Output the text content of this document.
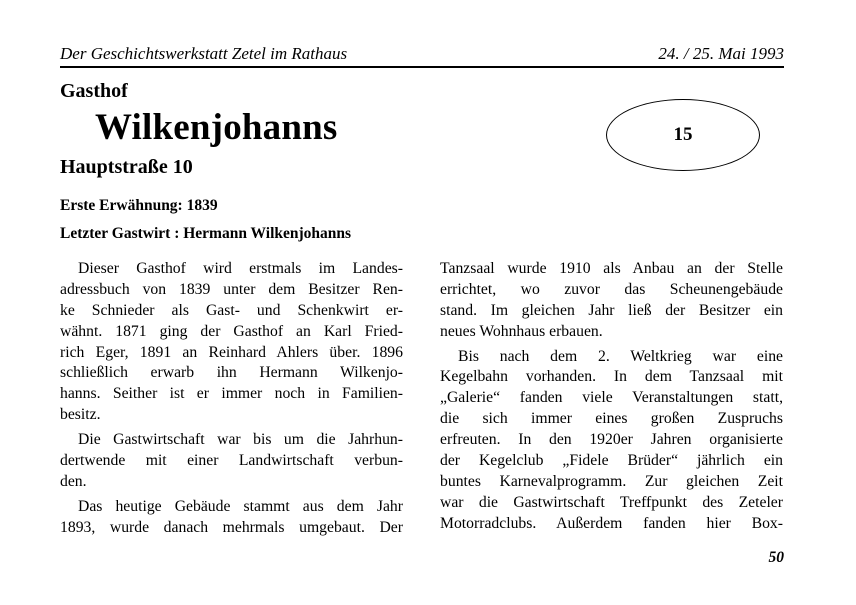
Der Geschichtswerkstatt Zetel im Rathaus	24. / 25. Mai 1993
Gasthof
Wilkenjohanns
Hauptstraße 10
Erste Erwähnung: 1839
Letzter Gastwirt : Hermann Wilkenjohanns
15
Dieser Gasthof wird erstmals im Landes-
adressbuch von 1839 unter dem Besitzer Ren-
ke Schnieder als Gast- und Schenkwirt er-
wähnt. 1871 ging der Gasthof an Karl Fried-
rich Eger, 1891 an Reinhard Ahlers über. 1896
schließlich erwarb ihn Hermann Wilkenjo-
hanns. Seither ist er immer noch in Familien-
besitz.
Die Gastwirtschaft war bis um die Jahrhun-
dertwende mit einer Landwirtschaft verbun-
den.
Das heutige Gebäude stammt aus dem Jahr
1893, wurde danach mehrmals umgebaut. Der
Tanzsaal wurde 1910 als Anbau an der Stelle
errichtet, wo zuvor das Scheunengebäude
stand. Im gleichen Jahr ließ der Besitzer ein
neues Wohnhaus erbauen.
Bis nach dem 2. Weltkrieg war eine
Kegelbahn vorhanden. In dem Tanzsaal mit
„Galerie“ fanden viele Veranstaltungen statt,
die sich immer eines großen Zuspruchs
erfreuten. In den 1920er Jahren organisierte
der Kegelclub „Fidele Brüder“ jährlich ein
buntes Karnevalprogramm. Zur gleichen Zeit
war die Gastwirtschaft Treffpunkt des Zeteler
Motorradclubs. Außerdem fanden hier Box-
50
